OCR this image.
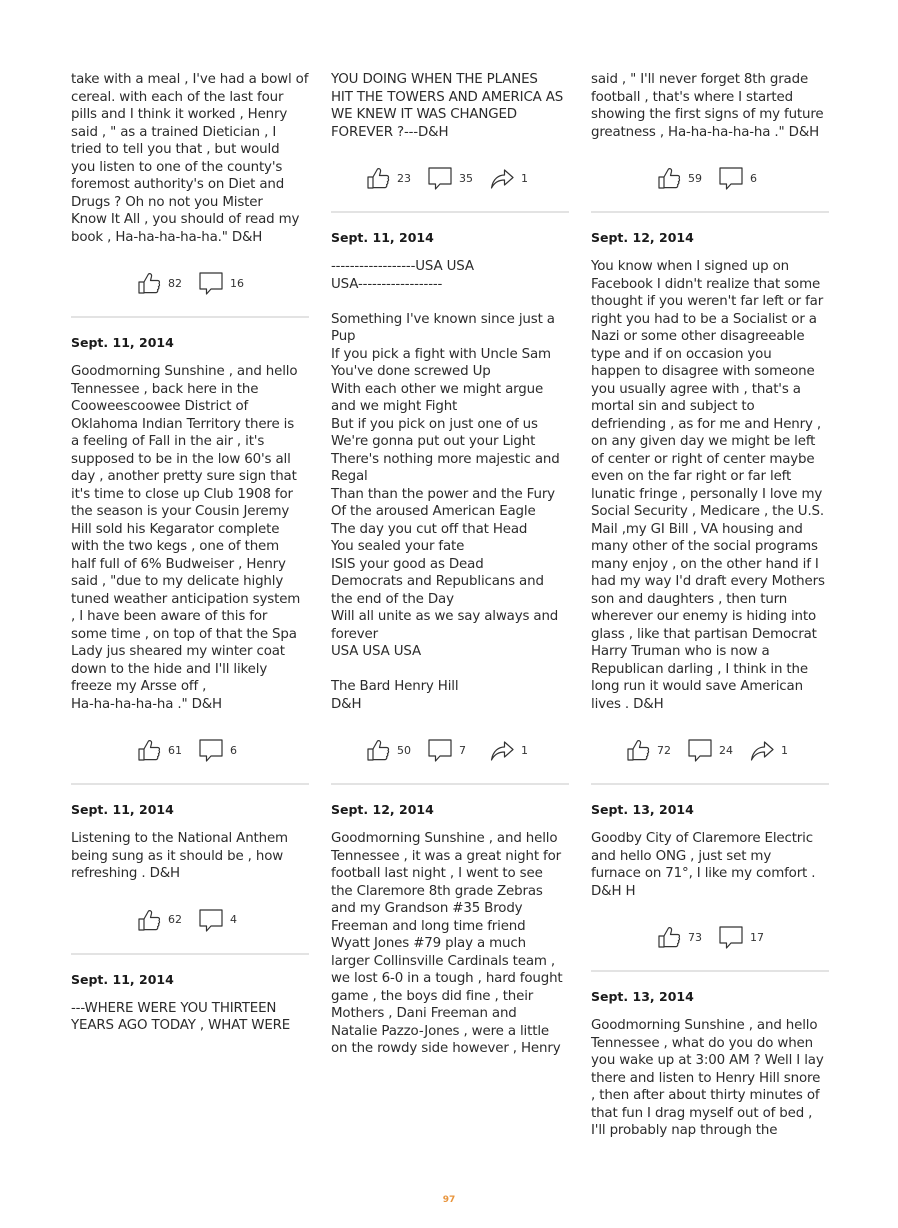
take with a meal , I've had a bowl of
cereal. with each of the last four
pills and I think it worked , Henry
said , " as a trained Dietician , I
tried to tell you that , but would
you listen to one of the county's
foremost authority's on Diet and
Drugs ? Oh no not you Mister
Know It All , you should of read my
book , Ha-ha-ha-ha-ha." D&H

82	16
Sept. 11, 2014

Goodmorning Sunshine , and hello
Tennessee , back here in the
Cooweescoowee District of
Oklahoma Indian Territory there is
a feeling of Fall in the air , it's
supposed to be in the low 60's all
day , another pretty sure sign that
it's time to close up Club 1908 for
the season is your Cousin Jeremy
Hill sold his Kegarator complete
with the two kegs , one of them
half full of 6% Budweiser , Henry
said , "due to my delicate highly
tuned weather anticipation system
, I have been aware of this for
some time , on top of that the Spa
Lady jus sheared my winter coat
down to the hide and I'll likely
freeze my Arsse off ,
Ha-ha-ha-ha-ha ." D&H

61	6
Sept. 11, 2014

Listening to the National Anthem
being sung as it should be , how
refreshing . D&H

62	4
Sept. 11, 2014

---WHERE WERE YOU THIRTEEN
YEARS AGO TODAY , WHAT WERE

YOU DOING WHEN THE PLANES
HIT THE TOWERS AND AMERICA AS
WE KNEW IT WAS CHANGED
FOREVER ?---D&H

23	35	1
Sept. 11, 2014

------------------USA USA
USA------------------

Something I've known since just a
Pup
If you pick a fight with Uncle Sam
You've done screwed Up
With each other we might argue
and we might Fight
But if you pick on just one of us
We're gonna put out your Light
There's nothing more majestic and
Regal
Than than the power and the Fury
Of the aroused American Eagle
The day you cut off that Head
You sealed your fate
ISIS your good as Dead
Democrats and Republicans and
the end of the Day
Will all unite as we say always and
forever
USA USA USA

The Bard Henry Hill
D&H

50	7	1
Sept. 12, 2014

Goodmorning Sunshine , and hello
Tennessee , it was a great night for
football last night , I went to see
the Claremore 8th grade Zebras
and my Grandson #35 Brody
Freeman and long time friend
Wyatt Jones #79 play a much
larger Collinsville Cardinals team ,
we lost 6-0 in a tough , hard fought
game , the boys did fine , their
Mothers , Dani Freeman and
Natalie Pazzo-Jones , were a little
on the rowdy side however , Henry

said , " I'll never forget 8th grade
football , that's where I started
showing the first signs of my future
greatness , Ha-ha-ha-ha-ha ." D&H

59	6
Sept. 12, 2014

You know when I signed up on
Facebook I didn't realize that some
thought if you weren't far left or far
right you had to be a Socialist or a
Nazi or some other disagreeable
type and if on occasion you
happen to disagree with someone
you usually agree with , that's a
mortal sin and subject to
defriending , as for me and Henry ,
on any given day we might be left
of center or right of center maybe
even on the far right or far left
lunatic fringe , personally I love my
Social Security , Medicare , the U.S.
Mail ,my GI Bill , VA housing and
many other of the social programs
many enjoy , on the other hand if I
had my way I'd draft every Mothers
son and daughters , then turn
wherever our enemy is hiding into
glass , like that partisan Democrat
Harry Truman who is now a
Republican darling , I think in the
long run it would save American
lives . D&H

72	24	1
Sept. 13, 2014

Goodby City of Claremore Electric
and hello ONG , just set my
furnace on 71°, I like my comfort .
D&H H

73	17
Sept. 13, 2014

Goodmorning Sunshine , and hello
Tennessee , what do you do when
you wake up at 3:00 AM ? Well I lay
there and listen to Henry Hill snore
, then after about thirty minutes of
that fun I drag myself out of bed ,
I'll probably nap through the

97
